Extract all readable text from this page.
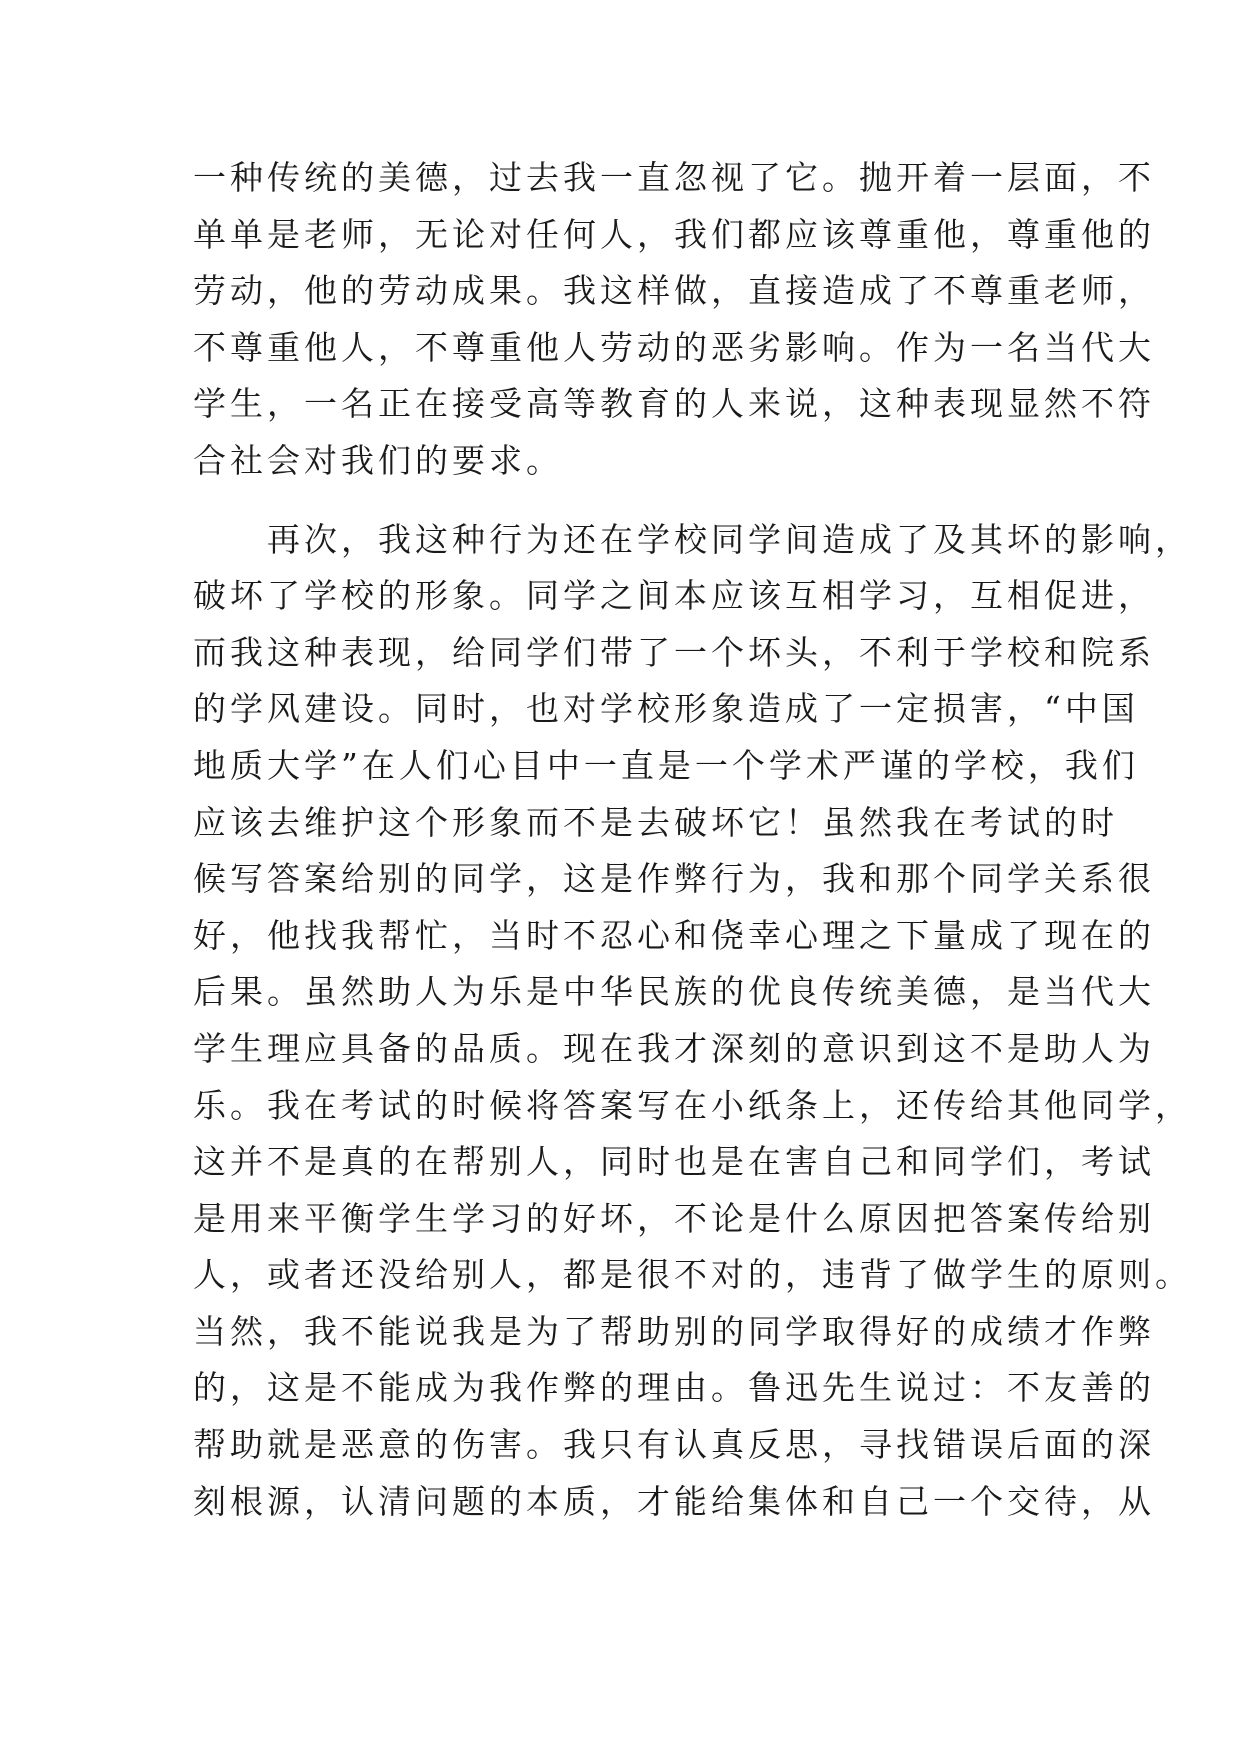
一种传统的美德，过去我一直忽视了它。抛开着一层面，不
单单是老师，无论对任何人，我们都应该尊重他，尊重他的
劳动，他的劳动成果。我这样做，直接造成了不尊重老师，
不尊重他人，不尊重他人劳动的恶劣影响。作为一名当代大
学生，一名正在接受高等教育的人来说，这种表现显然不符
合社会对我们的要求。
　　再次，我这种行为还在学校同学间造成了及其坏的影响，
破坏了学校的形象。同学之间本应该互相学习，互相促进，
而我这种表现，给同学们带了一个坏头，不利于学校和院系
的学风建设。同时，也对学校形象造成了一定损害，“中国
地质大学”在人们心目中一直是一个学术严谨的学校，我们
应该去维护这个形象而不是去破坏它！虽然我在考试的时
候写答案给别的同学，这是作弊行为，我和那个同学关系很
好，他找我帮忙，当时不忍心和侥幸心理之下量成了现在的
后果。虽然助人为乐是中华民族的优良传统美德，是当代大
学生理应具备的品质。现在我才深刻的意识到这不是助人为
乐。我在考试的时候将答案写在小纸条上，还传给其他同学，
这并不是真的在帮别人，同时也是在害自己和同学们，考试
是用来平衡学生学习的好坏，不论是什么原因把答案传给别
人，或者还没给别人，都是很不对的，违背了做学生的原则。
当然，我不能说我是为了帮助别的同学取得好的成绩才作弊
的，这是不能成为我作弊的理由。鲁迅先生说过：不友善的
帮助就是恶意的伤害。我只有认真反思，寻找错误后面的深
刻根源，认清问题的本质，才能给集体和自己一个交待，从
